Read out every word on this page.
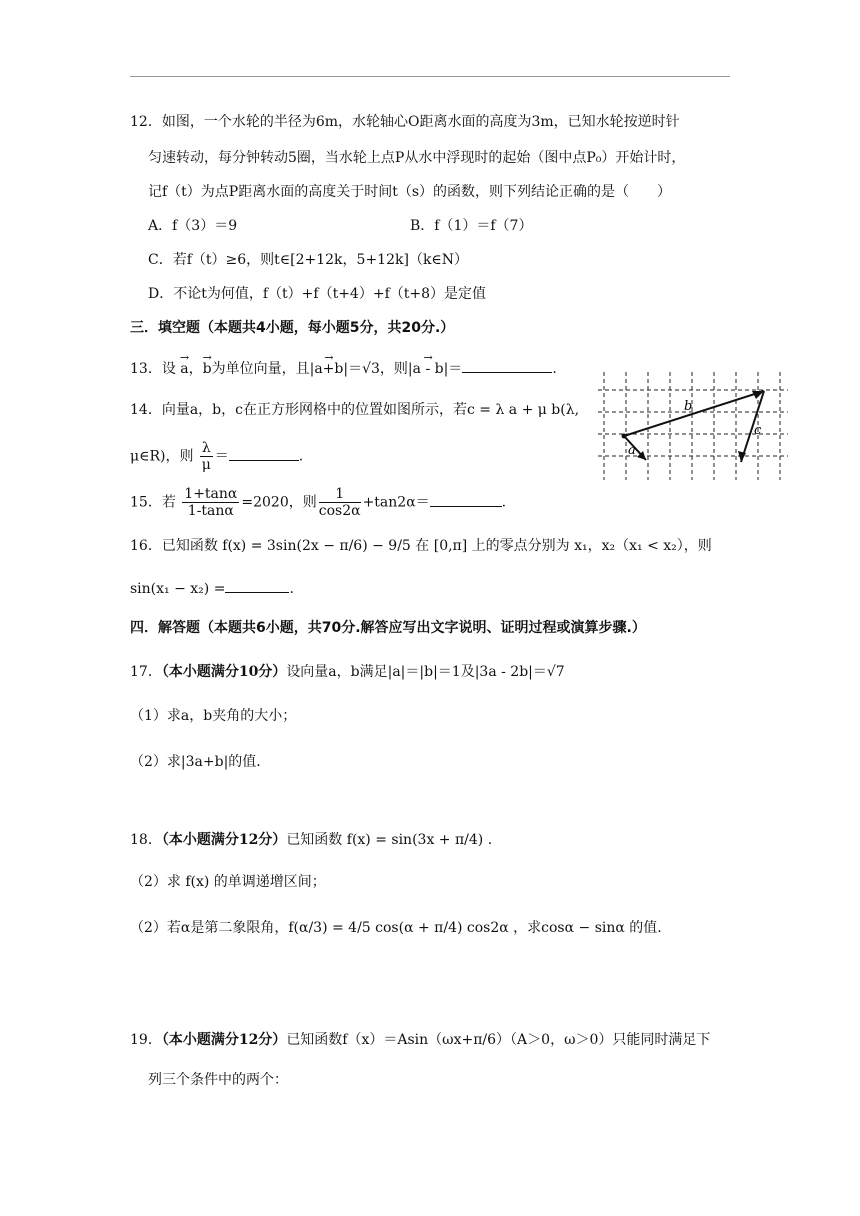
12．如图，一个水轮的半径为6m，水轮轴心O距离水面的高度为3m，已知水轮按逆时针
匀速转动，每分钟转动5圈，当水轮上点P从水中浮现时的起始（图中点P₀）开始计时，
记f（t）为点P距离水面的高度关于时间t（s）的函数，则下列结论正确的是（　　）
A．f（3）＝9	B．f（1）＝f（7）
C．若f（t）≥6，则t∈[2+12k，5+12k]（k∈N）
D．不论t为何值，f（t）+f（t+4）+f（t+8）是定值
三．填空题（本题共4小题，每小题5分，共20分.）
13．设 → a，→ b为单位向量，且|→ a+b|＝√3，则|→ a - b|＝	.
14．向量a，b，c在正方形网格中的位置如图所示，若c = λ a + μ b(λ,
μ∈R)，则 $\frac{\lambda}{\mu}$ ＝	.	a
b
c
15．若 $\frac{1+\tan\alpha}{1-\tan\alpha} =2020$，则 $\frac{1}{\cos 2\alpha} +\tan 2\alpha=$	.
16．已知函数 f(x) = 3sin(2x − π/6) − 9/5 在 [0,π] 上的零点分别为 x₁，x₂（x₁ < x₂），则
sin(x₁ − x₂) =	.
四．解答题（本题共6小题，共70分.解答应写出文字说明、证明过程或演算步骤.）
17．（本小题满分10分）设向量a，b满足|a|＝|b|＝1及|3a - 2b|＝√7
（1）求a，b夹角的大小；
（2）求|3a+b|的值.
18．（本小题满分12分）已知函数 f(x) = sin(3x + π/4) .
（2）求 f(x) 的单调递增区间；
（2）若α是第二象限角，f(α/3) = 4/5 cos(α + π/4) cos2α ，求cosα − sinα 的值.
19．（本小题满分12分）已知函数f（x）＝Asin（ωx+π/6）（A＞0，ω＞0）只能同时满足下
列三个条件中的两个：
